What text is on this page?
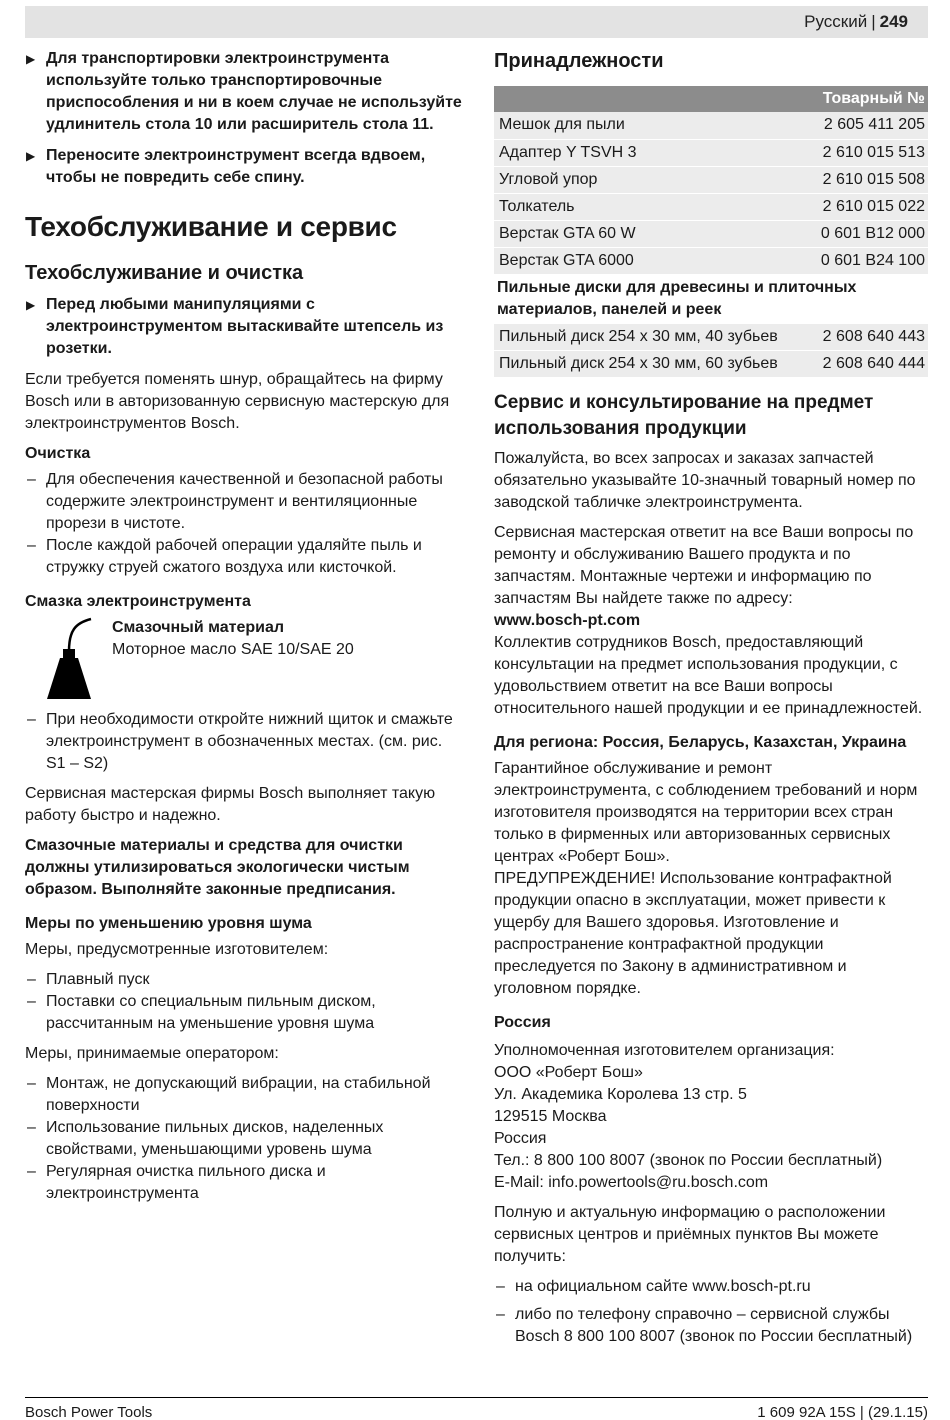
Русский | 249
▶ Для транспортировки электроинструмента используйте только транспортировочные приспособления и ни в коем случае не используйте удлинитель стола 10 или расширитель стола 11.
▶ Переносите электроинструмент всегда вдвоем, чтобы не повредить себе спину.
Техобслуживание и сервис
Техобслуживание и очистка
▶ Перед любыми манипуляциями с электроинструментом вытаскивайте штепсель из розетки.

Если требуется поменять шнур, обращайтесь на фирму Bosch или в авторизованную сервисную мастерскую для электроинструментов Bosch.

Очистка
– Для обеспечения качественной и безопасной работы содержите электроинструмент и вентиляционные прорези в чистоте.
– После каждой рабочей операции удаляйте пыль и стружку струей сжатого воздуха или кисточкой.
Смазка электроинструмента
Смазочный материал
Моторное масло SAE 10/SAE 20
– При необходимости откройте нижний щиток и смажьте электроинструмент в обозначенных местах. (см. рис. S1 – S2)

Сервисная мастерская фирмы Bosch выполняет такую работу быстро и надежно.

Смазочные материалы и средства для очистки должны утилизироваться экологически чистым образом. Выполняйте законные предписания.

Меры по уменьшению уровня шума

Меры, предусмотренные изготовителем:

– Плавный пуск
– Поставки со специальным пильным диском, рассчитанным на уменьшение уровня шума

Меры, принимаемые оператором:

– Монтаж, не допускающий вибрации, на стабильной поверхности
– Использование пильных дисков, наделенных свойствами, уменьшающими уровень шума
– Регулярная очистка пильного диска и электроинструмента
Принадлежности
Товарный №	
Мешок для пыли	2 605 411 205
Адаптер Y TSVH 3	2 610 015 513
Угловой упор	2 610 015 508
Толкатель	2 610 015 022
Верстак GTA 60 W	0 601 B12 000
Верстак GTA 6000	0 601 B24 100
Пильные диски для древесины и плиточных материалов, панелей и реек	
Пильный диск 254 x 30 мм, 40 зубьев	2 608 640 443
Пильный диск 254 x 30 мм, 60 зубьев	2 608 640 444
Сервис и консультирование на предмет использования продукции

Пожалуйста, во всех запросах и заказах запчастей обязательно указывайте 10-значный товарный номер по заводской табличке электроинструмента.

Сервисная мастерская ответит на все Ваши вопросы по ремонту и обслуживанию Вашего продукта и по запчастям. Монтажные чертежи и информацию по запчастям Вы найдете также по адресу:

www.bosch-pt.com

Коллектив сотрудников Bosch, предоставляющий консультации на предмет использования продукции, с удовольствием ответит на все Ваши вопросы относительного нашей продукции и ее принадлежностей.

Для региона: Россия, Беларусь, Казахстан, Украина

Гарантийное обслуживание и ремонт электроинструмента, с соблюдением требований и норм изготовителя производятся на территории всех стран только в фирменных или авторизованных сервисных центрах «Роберт Бош».

ПРЕДУПРЕЖДЕНИЕ! Использование контрафактной продукции опасно в эксплуатации, может привести к ущербу для Вашего здоровья. Изготовление и распространение контрафактной продукции преследуется по Закону в административном и уголовном порядке.

Россия
Уполномоченная изготовителем организация:
ООО «Роберт Бош»
Ул. Академика Королева 13 стр. 5
129515 Москва
Россия
Тел.: 8 800 100 8007 (звонок по России бесплатный)
E-Mail: info.powertools@ru.bosch.com

Полную и актуальную информацию о расположении сервисных центров и приёмных пунктов Вы можете получить:

– на официальном сайте www.bosch-pt.ru
– либо по телефону справочно – сервисной службы Bosch 8 800 100 8007 (звонок по России бесплатный)
Bosch Power Tools	1 609 92A 15S | (29.1.15)
